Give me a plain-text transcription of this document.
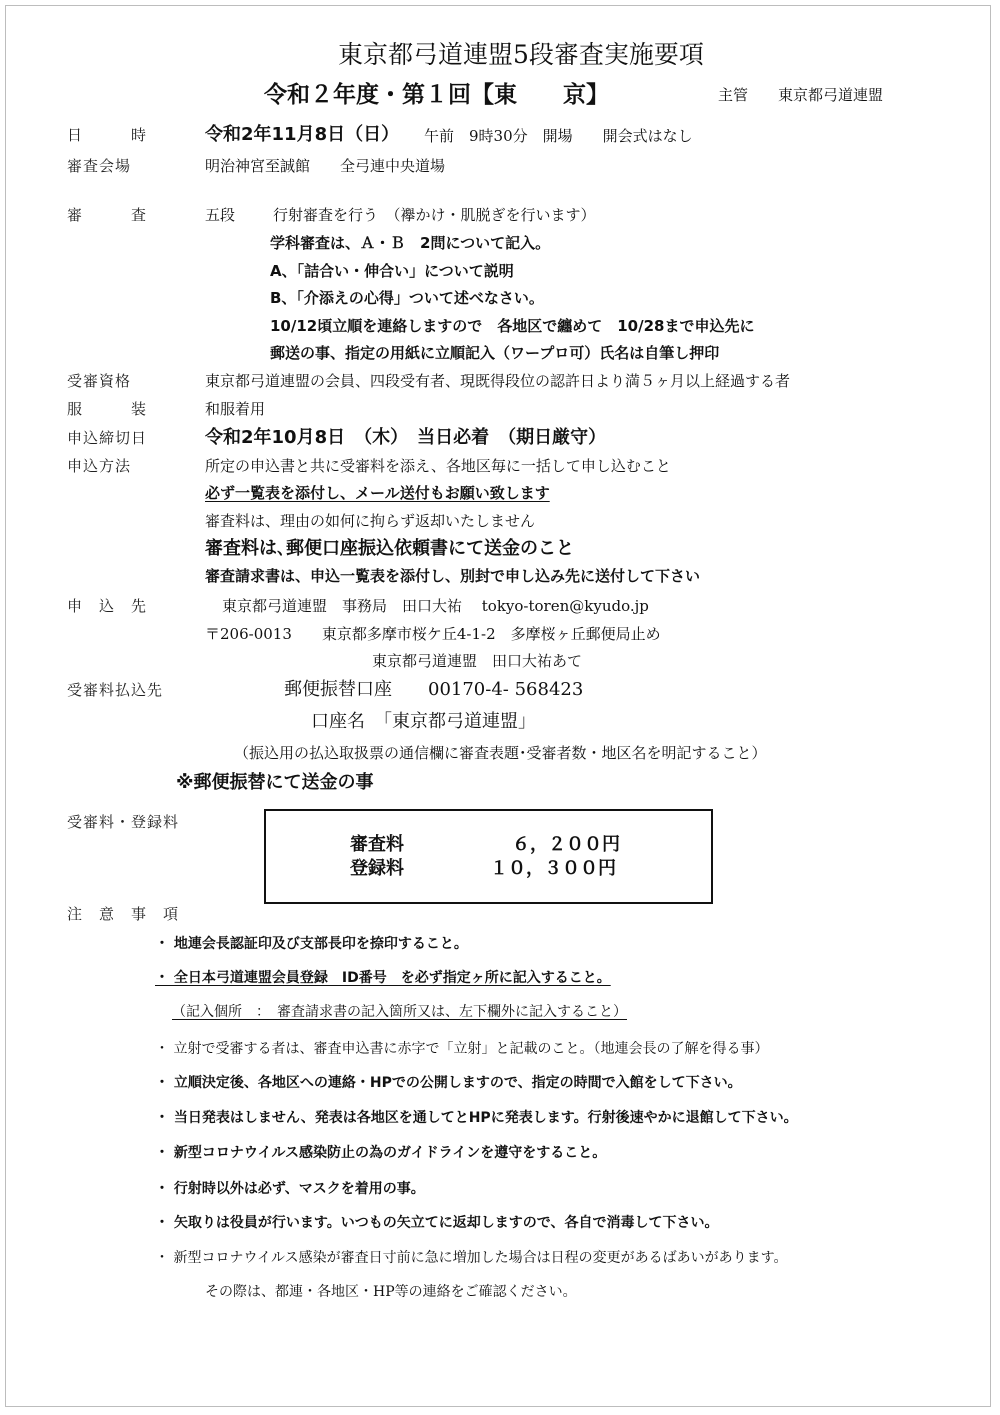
東京都弓道連盟5段審査実施要項
令和２年度・第１回【東　　京】	主管　　東京都弓道連盟
日　　　時	令和2年11月8日（日） 午前　9時30分　開場　　開会式はなし
審査会場	明治神宮至誠館　　全弓連中央道場
審　　　査	五段	行射審査を行う　（襷かけ・肌脱ぎを行います）
学科審査は、Ａ・Ｂ　2問について記入。
A、「詰合い・伸合い」について説明
B、「介添えの心得」ついて述べなさい。
10/12頃立順を連絡しますので　各地区で纏めて　10/28まで申込先に
郵送の事、指定の用紙に立順記入（ワープロ可）氏名は自筆し押印
受審資格	東京都弓道連盟の会員、四段受有者、現既得段位の認許日より満５ヶ月以上経過する者
服　　　装	和服着用
申込締切日	令和2年10月8日　（木）　当日必着　（期日厳守）
申込方法	所定の申込書と共に受審料を添え、各地区毎に一括して申し込むこと
必ず一覧表を添付し、メール送付もお願い致します
審査料は、理由の如何に拘らず返却いたしません
審査料は､郵便口座振込依頼書にて送金のこと
審査請求書は、申込一覧表を添付し、別封で申し込み先に送付して下さい
申　込　先	東京都弓道連盟　事務局　田口大祐　 tokyo-toren@kyudo.jp
〒206-0013　　東京都多摩市桜ケ丘4-1-2　多摩桜ヶ丘郵便局止め
東京都弓道連盟　田口大祐あて
受審料払込先	郵便振替口座　　00170-4- 568423
口座名　「東京都弓道連盟」
（振込用の払込取扱票の通信欄に審査表題･受審者数・地区名を明記すること）
※郵便振替にて送金の事
受審料・登録料
審査料	６，２００円
登録料	１０，３００円
注　意　事　項
・ 地連会長認証印及び支部長印を捺印すること。
・ 全日本弓道連盟会員登録　ID番号　を必ず指定ヶ所に記入すること。
（記入個所　：　審査請求書の記入箇所又は、左下欄外に記入すること）
・ 立射で受審する者は、審査申込書に赤字で「立射」と記載のこと。（地連会長の了解を得る事）
・ 立順決定後、各地区への連絡・HPでの公開しますので、指定の時間で入館をして下さい。
・ 当日発表はしません、発表は各地区を通してとHPに発表します。行射後速やかに退館して下さい。
・ 新型コロナウイルス感染防止の為のガイドラインを遵守をすること。
・ 行射時以外は必ず、マスクを着用の事。
・ 矢取りは役員が行います。いつもの矢立てに返却しますので、各自で消毒して下さい。
・ 新型コロナウイルス感染が審査日寸前に急に増加した場合は日程の変更があるばあいがあります。
その際は、都連・各地区・HP等の連絡をご確認ください。
